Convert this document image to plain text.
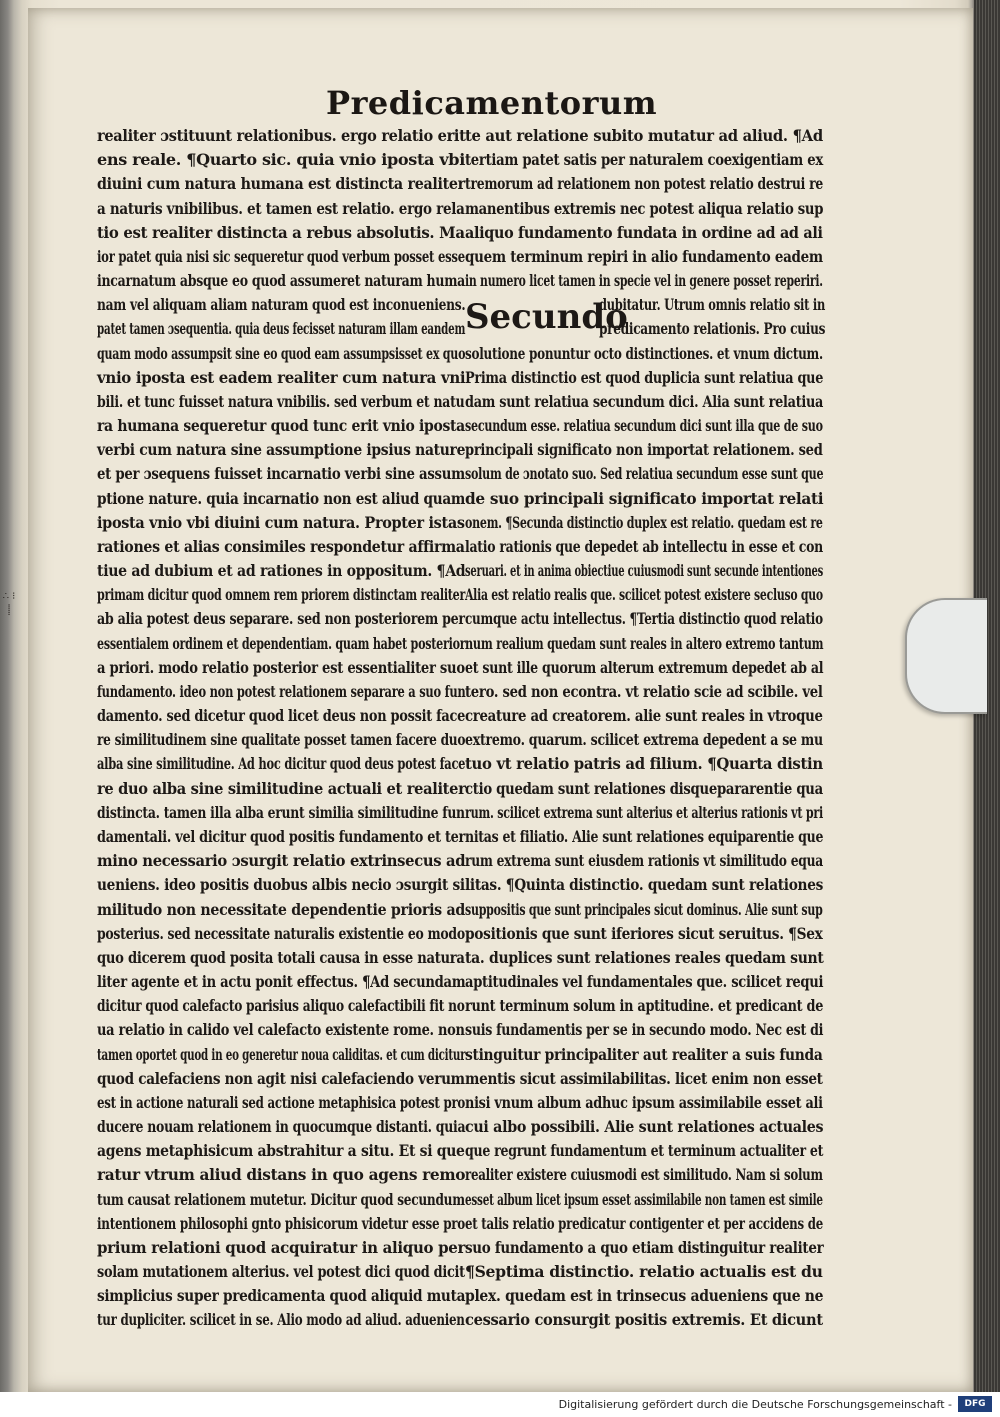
∴ ⁝ ⸽
Predicamentorum
realiter ɔstituunt relationibus. ergo relatio erit
ens reale. ¶Quarto sic. quia vnio iposta vbi
diuini cum natura humana est distincta realiter
a naturis vnibilibus. et tamen est relatio. ergo rela
tio est realiter distincta a rebus absolutis. Ma
ior patet quia nisi sic sequeretur quod verbum posset esse
incarnatum absque eo quod assumeret naturam huma
nam vel aliquam aliam naturam quod est inconueniens.
patet tamen ɔsequentia. quia deus fecisset naturam illam eandem
quam modo assumpsit sine eo quod eam assumpsisset ex quo
vnio iposta est eadem realiter cum natura vni
bili. et tunc fuisset natura vnibilis. sed verbum et natu
ra humana sequeretur quod tunc erit vnio iposta
verbi cum natura sine assumptione ipsius nature
et per ɔsequens fuisset incarnatio verbi sine assum
ptione nature. quia incarnatio non est aliud quam
iposta vnio vbi diuini cum natura. Propter istas
rationes et alias consimiles respondetur affirma
tiue ad dubium et ad rationes in oppositum. ¶Ad
primam dicitur quod omnem rem priorem distinctam realiter
ab alia potest deus separare. sed non posteriorem per
essentialem ordinem et dependentiam. quam habet posterior
a priori. modo relatio posterior est essentialiter suo
fundamento. ideo non potest relationem separare a suo fun
damento. sed dicetur quod licet deus non possit face
re similitudinem sine qualitate posset tamen facere duo
alba sine similitudine. Ad hoc dicitur quod deus potest face
re duo alba sine similitudine actuali et realiter
distincta. tamen illa alba erunt similia similitudine fun
damentali. vel dicitur quod positis fundamento et ter
mino necessario ɔsurgit relatio extrinsecus ad
ueniens. ideo positis duobus albis necio ɔsurgit si
militudo non necessitate dependentie prioris ad
posterius. sed necessitate naturalis existentie eo modo
quo dicerem quod posita totali causa in esse natura
liter agente et in actu ponit effectus. ¶Ad secundam
dicitur quod calefacto parisius aliquo calefactibili fit no
ua relatio in calido vel calefacto existente rome. non
tamen oportet quod in eo generetur noua caliditas. et cum dicitur
quod calefaciens non agit nisi calefaciendo verum
est in actione naturali sed actione metaphisica potest pro
ducere nouam relationem in quocumque distanti. quia
agens metaphisicum abstrahitur a situ. Et si que
ratur vtrum aliud distans in quo agens remo
tum causat relationem mutetur. Dicitur quod secundum
intentionem philosophi gnto phisicorum videtur esse pro
prium relationi quod acquiratur in aliquo per
solam mutationem alterius. vel potest dici quod dicit
simplicius super predicamenta quod aliquid muta
tur dupliciter. scilicet in se. Alio modo ad aliud. aduenien
te aut relatione subito mutatur ad aliud. ¶Ad
tertiam patet satis per naturalem coexigentiam ex
tremorum ad relationem non potest relatio destrui re
manentibus extremis nec potest aliqua relatio sup
aliquo fundamento fundata in ordine ad ad ali
quem terminum repiri in alio fundamento eadem
in numero licet tamen in specie vel in genere posset reperiri.
Secundo
dubitatur. Utrum omnis relatio sit in
predicamento relationis. Pro cuius
solutione ponuntur octo distinctiones. et vnum dictum.
Prima distinctio est quod duplicia sunt relatiua que
dam sunt relatiua secundum dici. Alia sunt relatiua
secundum esse. relatiua secundum dici sunt illa que de suo
principali significato non importat relationem. sed
solum de ɔnotato suo. Sed relatiua secundum esse sunt que
de suo principali significato importat relati
onem. ¶Secunda distinctio duplex est relatio. quedam est re
latio rationis que depedet ab intellectu in esse et con
seruari. et in anima obiectiue cuiusmodi sunt secunde intentiones
Alia est relatio realis que. scilicet potest existere secluso quo
cumque actu intellectus. ¶Tertia distinctio quod relatio
num realium quedam sunt reales in altero extremo tantum
et sunt ille quorum alterum extremum depedet ab al
tero. sed non econtra. vt relatio scie ad scibile. vel
creature ad creatorem. alie sunt reales in vtroque
extremo. quarum. scilicet extrema depedent a se mu
tuo vt relatio patris ad filium. ¶Quarta distin
ctio quedam sunt relationes disquepararentie qua
rum. scilicet extrema sunt alterius et alterius rationis vt pri
nitas et filiatio. Alie sunt relationes equiparentie que
rum extrema sunt eiusdem rationis vt similitudo equa
litas. ¶Quinta distinctio. quedam sunt relationes
suppositis que sunt principales sicut dominus. Alie sunt sup
positionis que sunt iferiores sicut seruitus. ¶Sex
ta. duplices sunt relationes reales quedam sunt
aptitudinales vel fundamentales que. scilicet requi
runt terminum solum in aptitudine. et predicant de
suis fundamentis per se in secundo modo. Nec est di
stinguitur principaliter aut realiter a suis funda
mentis sicut assimilabilitas. licet enim non esset
nisi vnum album adhuc ipsum assimilabile esset ali
cui albo possibili. Alie sunt relationes actuales
que regrunt fundamentum et terminum actualiter et
realiter existere cuiusmodi est similitudo. Nam si solum
esset album licet ipsum esset assimilabile non tamen est simile
et talis relatio predicatur contigenter et per accidens de
suo fundamento a quo etiam distinguitur realiter
¶Septima distinctio. relatio actualis est du
plex. quedam est in trinsecus adueniens que ne
cessario consurgit positis extremis. Et dicunt
Digitalisierung gefördert durch die Deutsche Forschungsgemeinschaft -	DFG
